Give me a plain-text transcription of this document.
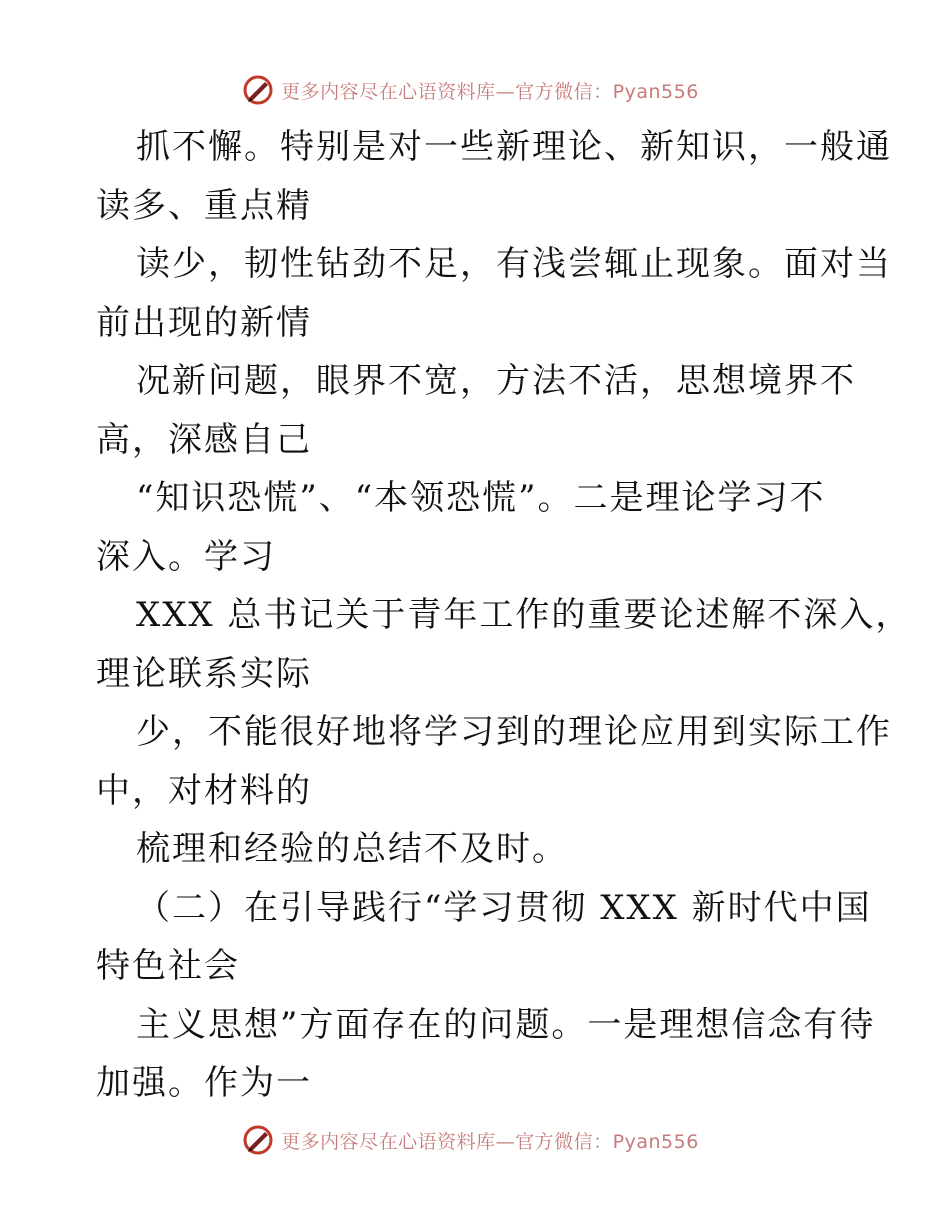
更多内容尽在心语资料库—官方微信：Pyan556
抓不懈。特别是对一些新理论、新知识，一般通
读多、重点精
读少，韧性钻劲不足，有浅尝辄止现象。面对当
前出现的新情
况新问题，眼界不宽，方法不活，思想境界不
高，深感自己
“知识恐慌”、“本领恐慌”。二是理论学习不
深入。学习
XXX 总书记关于青年工作的重要论述解不深入，
理论联系实际
少，不能很好地将学习到的理论应用到实际工作
中，对材料的
梳理和经验的总结不及时。
（二）在引导践行“学习贯彻 XXX 新时代中国
特色社会
主义思想”方面存在的问题。一是理想信念有待
加强。作为一
更多内容尽在心语资料库—官方微信：Pyan556
